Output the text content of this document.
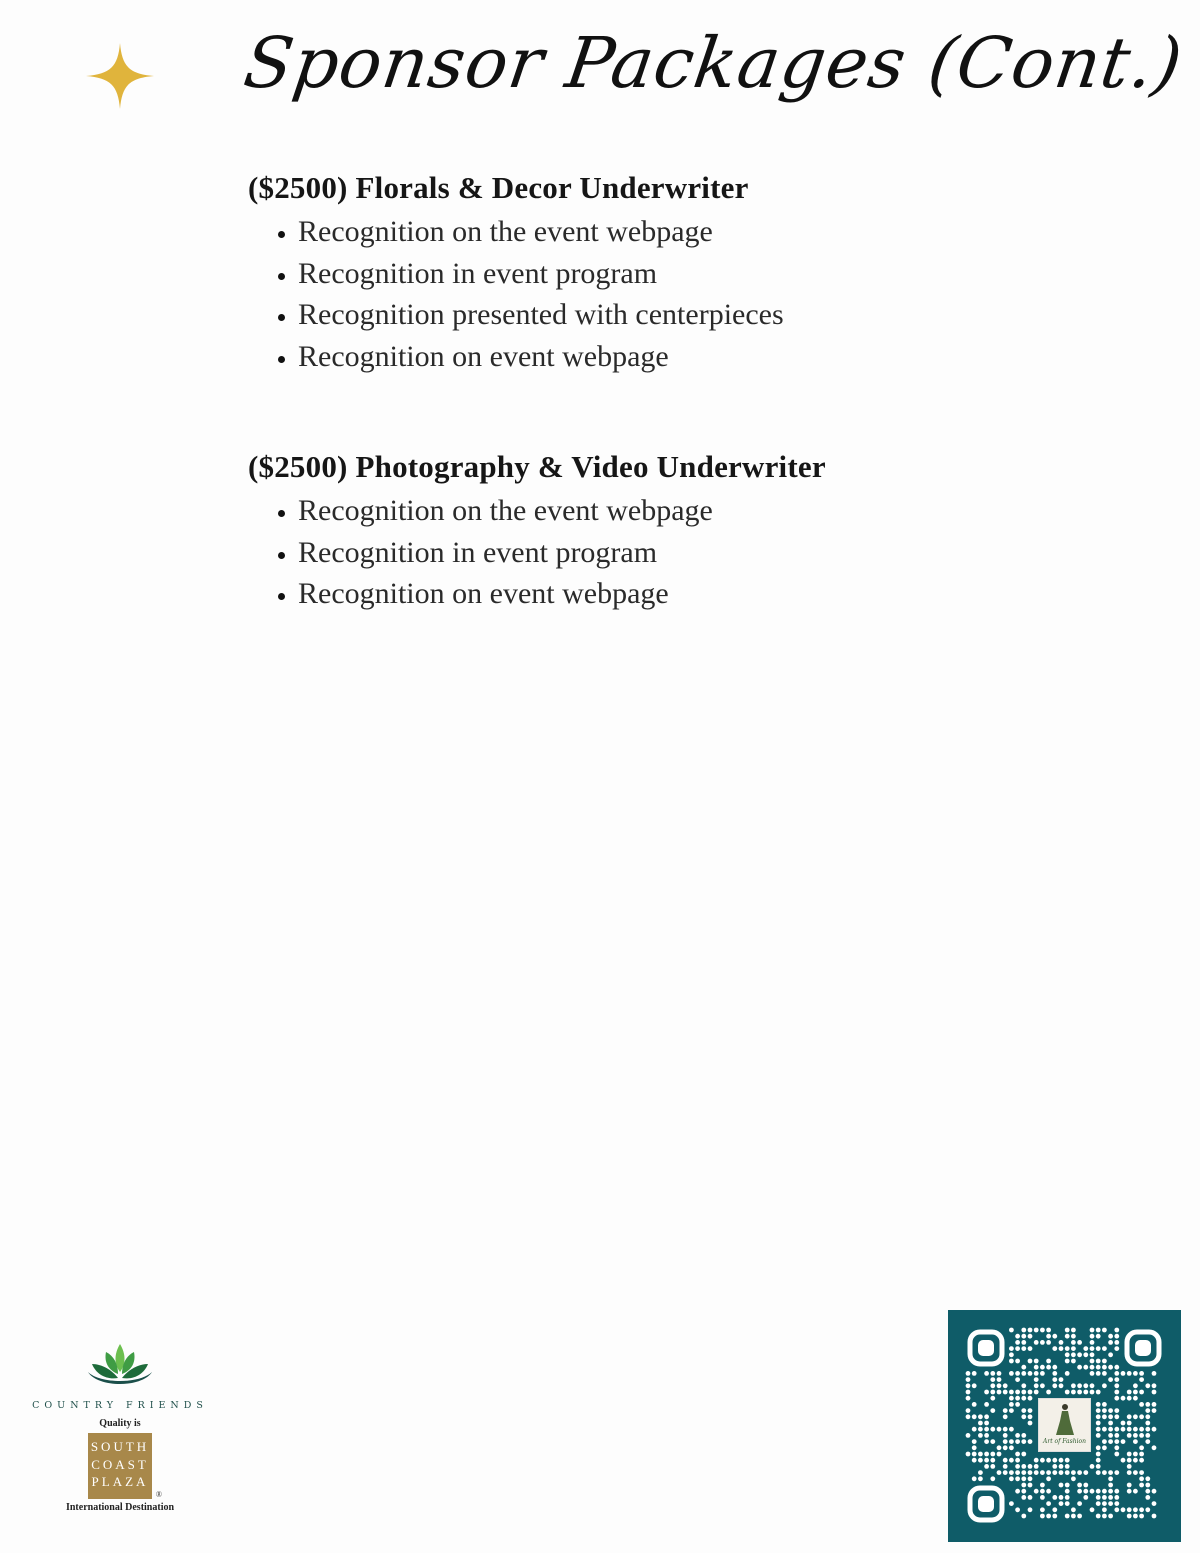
Sponsor Packages (Cont.)
($2500) Florals & Decor Underwriter
• Recognition on the event webpage
• Recognition in event program
• Recognition presented with centerpieces
• Recognition on event webpage
($2500) Photography & Video Underwriter
• Recognition on the event webpage
• Recognition in event program
• Recognition on event webpage
COUNTRY FRIENDS
Quality is
SOUTH
COAST
PLAZA
®
International Destination
Art of Fashion
